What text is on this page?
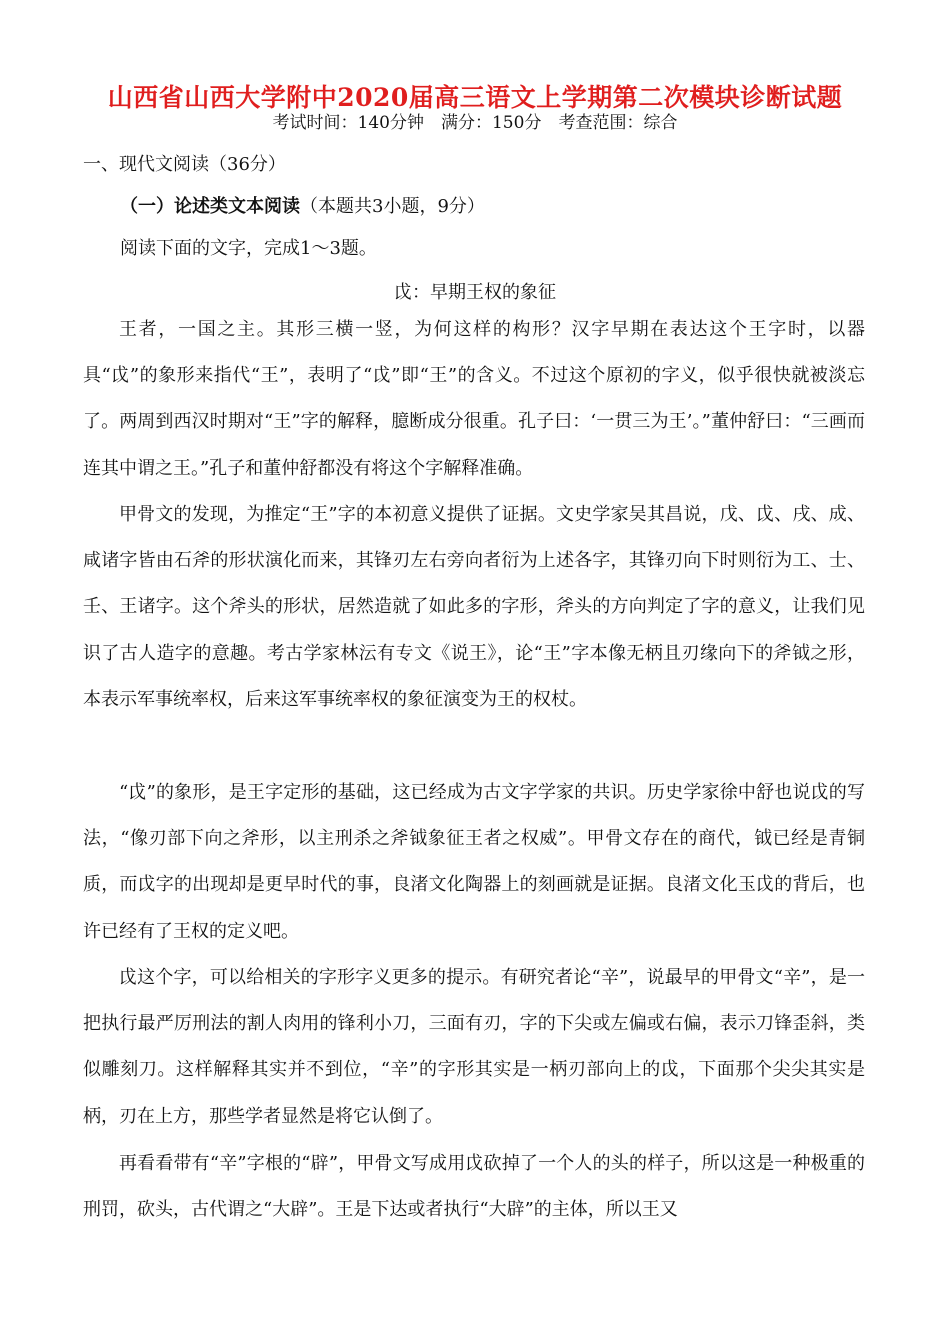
山西省山西大学附中2020届高三语文上学期第二次模块诊断试题
考试时间：140分钟　满分：150分　考查范围：综合
一、现代文阅读（36分）
（一）论述类文本阅读（本题共3小题，9分）
阅读下面的文字，完成1～3题。
戉：早期王权的象征

王者，一国之主。其形三横一竖，为何这样的构形？汉字早期在表达这个王字时，以器具“戉”的象形来指代“王”，表明了“戉”即“王”的含义。不过这个原初的字义，似乎很快就被淡忘了。两周到西汉时期对“王”字的解释，臆断成分很重。孔子曰：‘一贯三为王’。”董仲舒曰：“三画而连其中谓之王。”孔子和董仲舒都没有将这个字解释准确。

甲骨文的发现，为推定“王”字的本初意义提供了证据。文史学家吴其昌说，戊、戉、戌、成、咸诸字皆由石斧的形状演化而来，其锋刃左右旁向者衍为上述各字，其锋刃向下时则衍为工、士、壬、王诸字。这个斧头的形状，居然造就了如此多的字形，斧头的方向判定了字的意义，让我们见识了古人造字的意趣。考古学家林沄有专文《说王》，论“王”字本像无柄且刃缘向下的斧钺之形，本表示军事统率权，后来这军事统率权的象征演变为王的权杖。

“戉”的象形，是王字定形的基础，这已经成为古文字学家的共识。历史学家徐中舒也说戉的写法，“像刃部下向之斧形，以主刑杀之斧钺象征王者之权威”。甲骨文存在的商代，钺已经是青铜质，而戉字的出现却是更早时代的事，良渚文化陶器上的刻画就是证据。良渚文化玉戉的背后，也许已经有了王权的定义吧。

戉这个字，可以给相关的字形字义更多的提示。有研究者论“辛”，说最早的甲骨文“辛”，是一把执行最严厉刑法的割人肉用的锋利小刀，三面有刃，字的下尖或左偏或右偏，表示刀锋歪斜，类似雕刻刀。这样解释其实并不到位，“辛”的字形其实是一柄刃部向上的戉，下面那个尖尖其实是柄，刃在上方，那些学者显然是将它认倒了。

再看看带有“辛”字根的“辟”，甲骨文写成用戉砍掉了一个人的头的样子，所以这是一种极重的刑罚，砍头，古代谓之“大辟”。王是下达或者执行“大辟”的主体，所以王又
